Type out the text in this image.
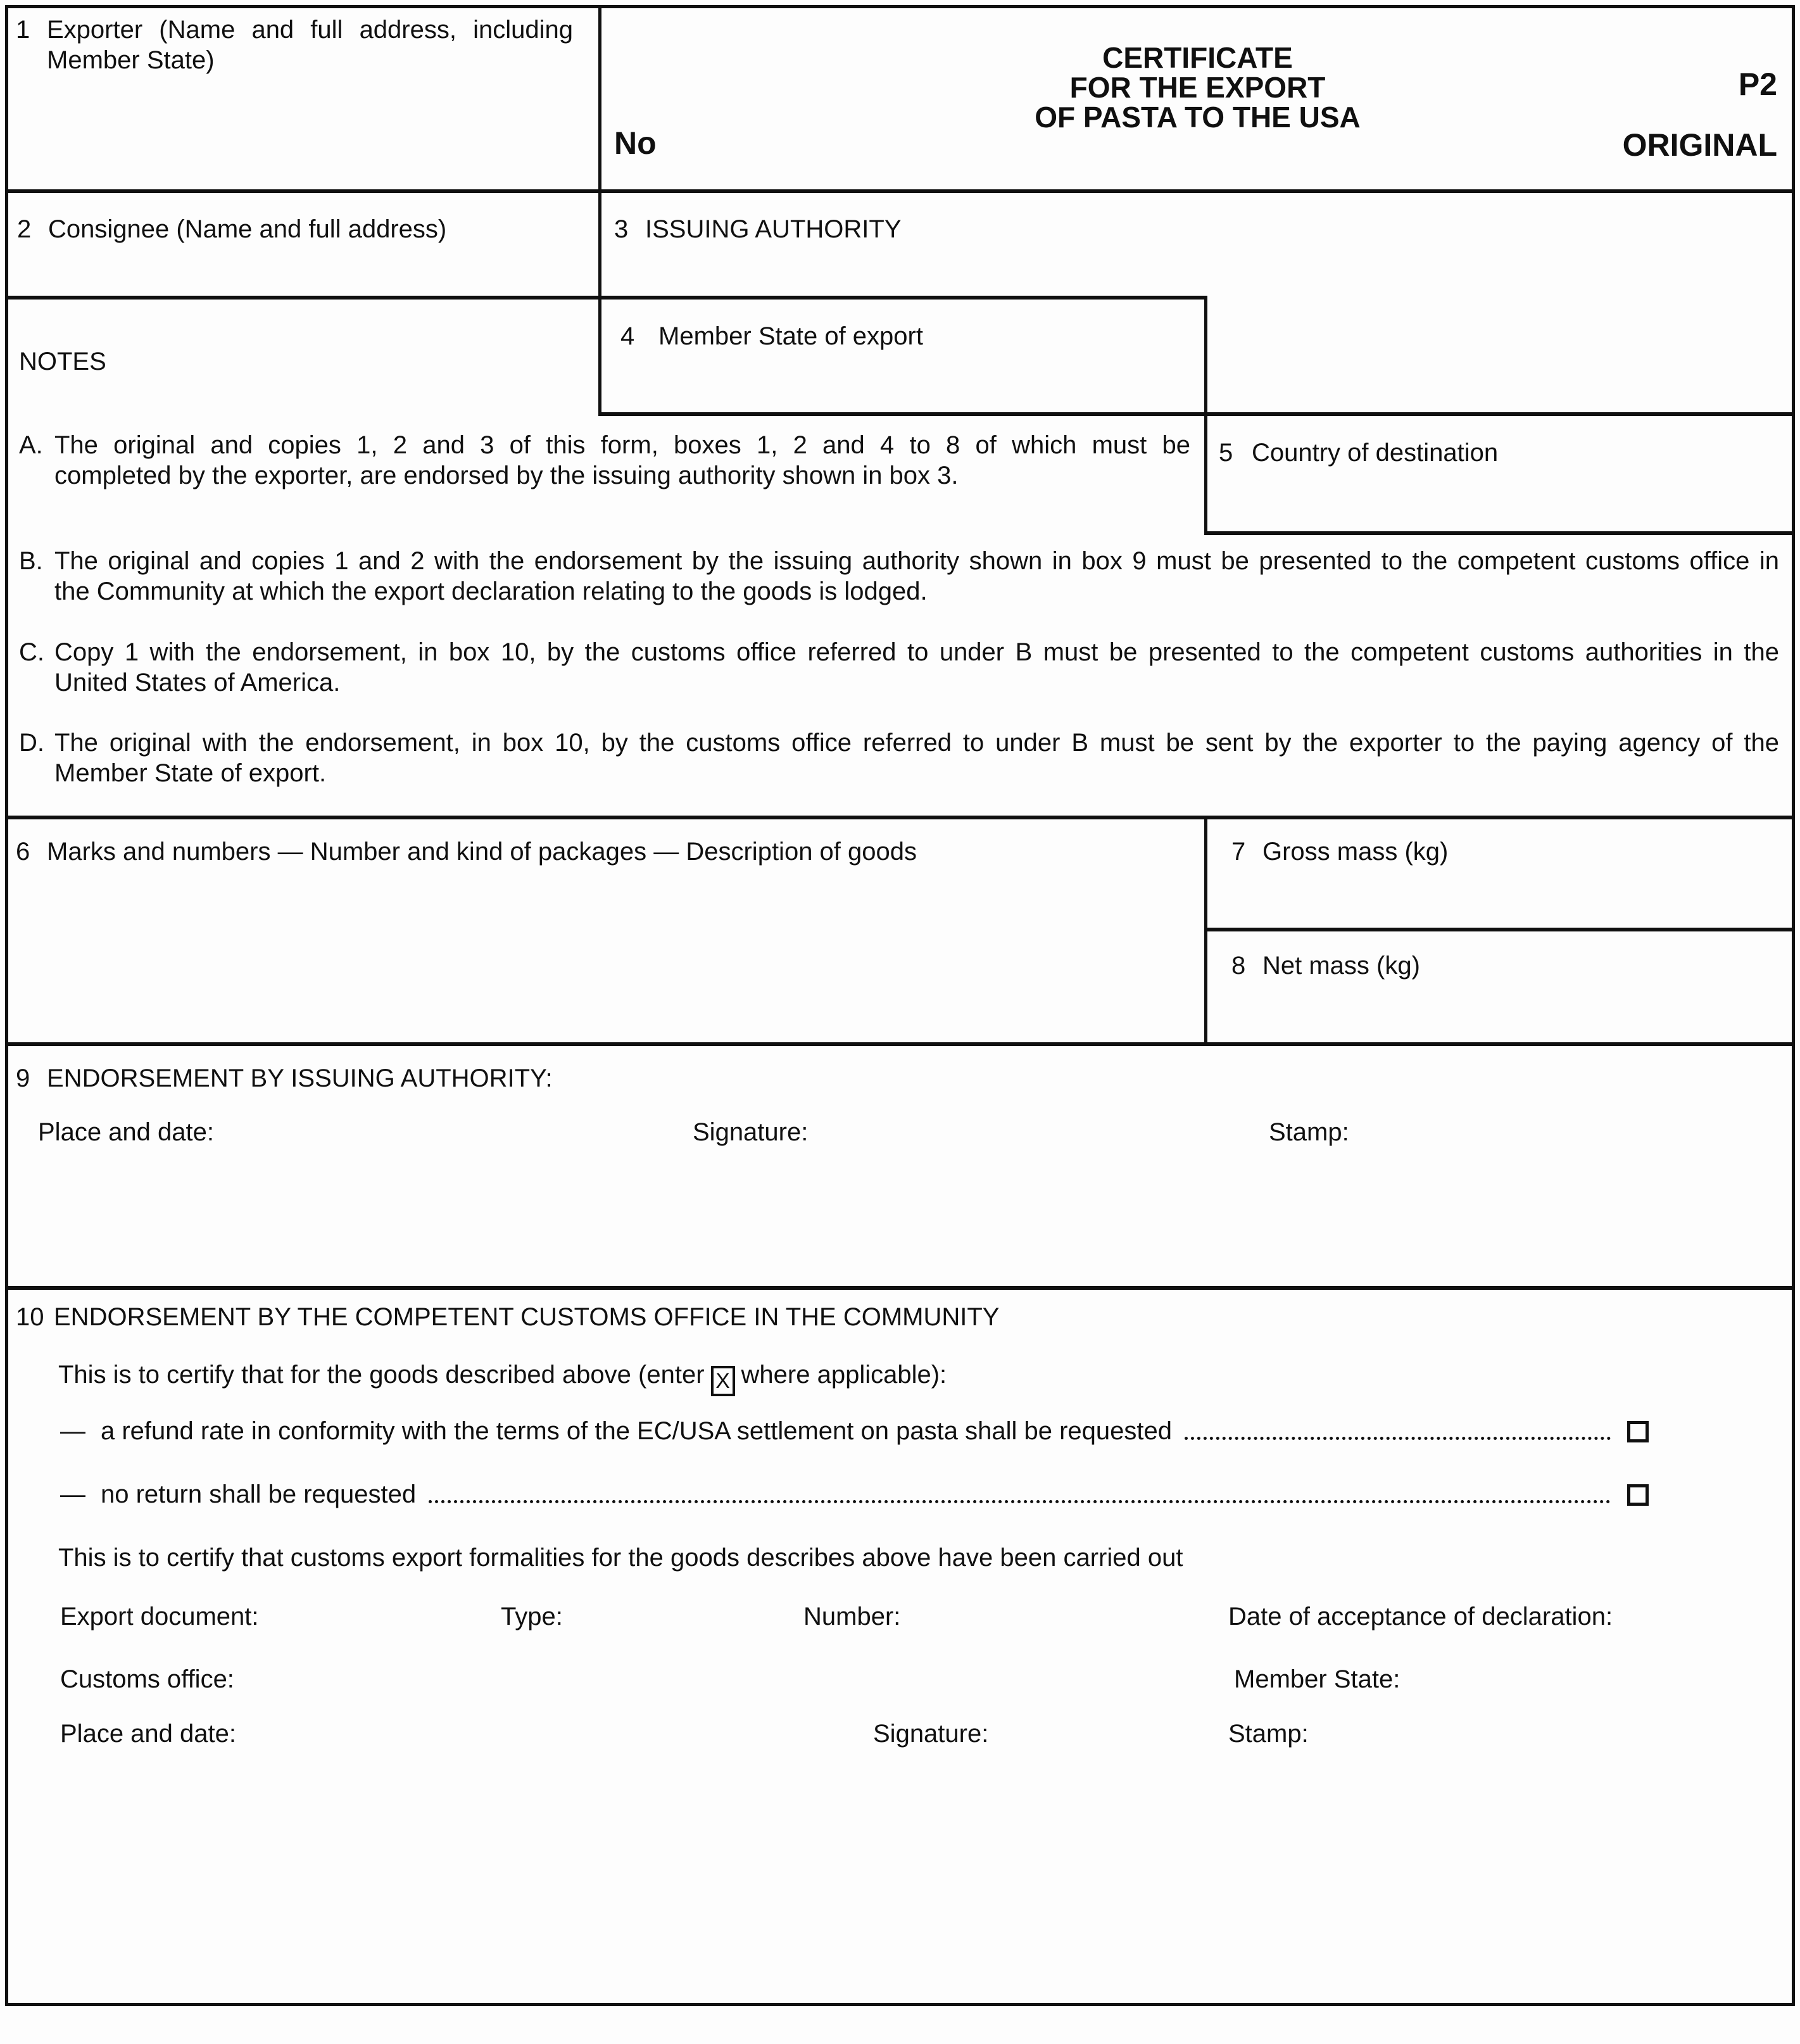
1 Exporter (Name and full address, including
Member State)	CERTIFICATE
FOR THE EXPORT
OF PASTA TO THE USA
No
P2
ORIGINAL
2 Consignee (Name and full address)	3 ISSUING AUTHORITY
4 Member State of export
NOTES
5 Country of destination
A. The original and copies 1, 2 and 3 of this form, boxes 1, 2 and 4 to 8 of which must be
completed by the exporter, are endorsed by the issuing authority shown in box 3.
B. The original and copies 1 and 2 with the endorsement by the issuing authority shown in box 9 must be presented to the competent customs office in
the Community at which the export declaration relating to the goods is lodged.
C. Copy 1 with the endorsement, in box 10, by the customs office referred to under B must be presented to the competent customs authorities in the
United States of America.
D. The original with the endorsement, in box 10, by the customs office referred to under B must be sent by the exporter to the paying agency of the
Member State of export.
6 Marks and numbers — Number and kind of packages — Description of goods	7 Gross mass (kg)
8 Net mass (kg)
9 ENDORSEMENT BY ISSUING AUTHORITY:
Place and date:	Signature:	Stamp:
10 ENDORSEMENT BY THE COMPETENT CUSTOMS OFFICE IN THE COMMUNITY
This is to certify that for the goods described above (enter X where applicable):
— a refund rate in conformity with the terms of the EC/USA settlement on pasta shall be requested
— no return shall be requested
This is to certify that customs export formalities for the goods describes above have been carried out
Export document:	Type:	Number:	Date of acceptance of declaration:
Customs office:	Member State:
Place and date:	Signature:	Stamp:
